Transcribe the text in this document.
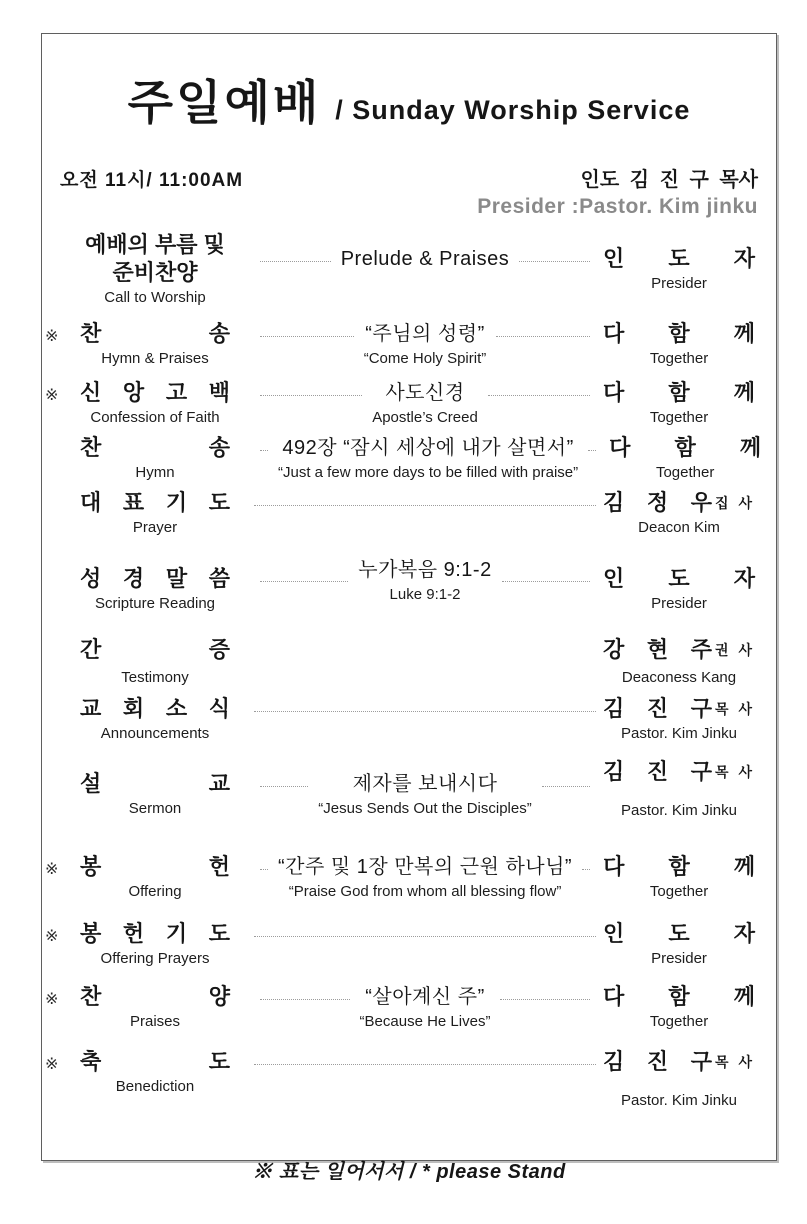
주일예배 / Sunday Worship Service
오전 11시/ 11:00AM	인도 김 진 구 목사
Presider :Pastor. Kim jinku
예배의 부름 및
준비찬양
Call to Worship
Prelude & Praises	인 도 자
Presider
※ 찬 송
Hymn & Praises
“주님의 성령”
“Come Holy Spirit”
다 함 께
Together
※ 신 앙 고 백
Confession of Faith
사도신경
Apostle’s Creed
다 함 께
Together
찬 송
Hymn
492장 “잠시 세상에 내가 살면서”
“Just a few more days to be filled with praise”
다 함 께
Together
대 표 기 도
Prayer
김 정 우 집 사
Deacon Kim
성 경 말 씀
Scripture Reading
누가복음 9:1-2
Luke 9:1-2
인 도 자
Presider
간 증
Testimony
강 현 주 권 사
Deaconess Kang
교 회 소 식
Announcements
김 진 구 목 사
Pastor. Kim Jinku
설 교
Sermon
제자를 보내시다
“Jesus Sends Out the Disciples”
김 진 구 목 사
Pastor. Kim Jinku
※ 봉 헌
Offering
“간주 및 1장 만복의 근원 하나님”
“Praise God from whom all blessing flow”
다 함 께
Together
※ 봉 헌 기 도
Offering Prayers
인 도 자
Presider
※ 찬 양
Praises
“살아계신 주”
“Because He Lives”
다 함 께
Together
※ 축 도
Benediction
김 진 구 목 사
Pastor. Kim Jinku
※ 표는 일어서서 / * please Stand
